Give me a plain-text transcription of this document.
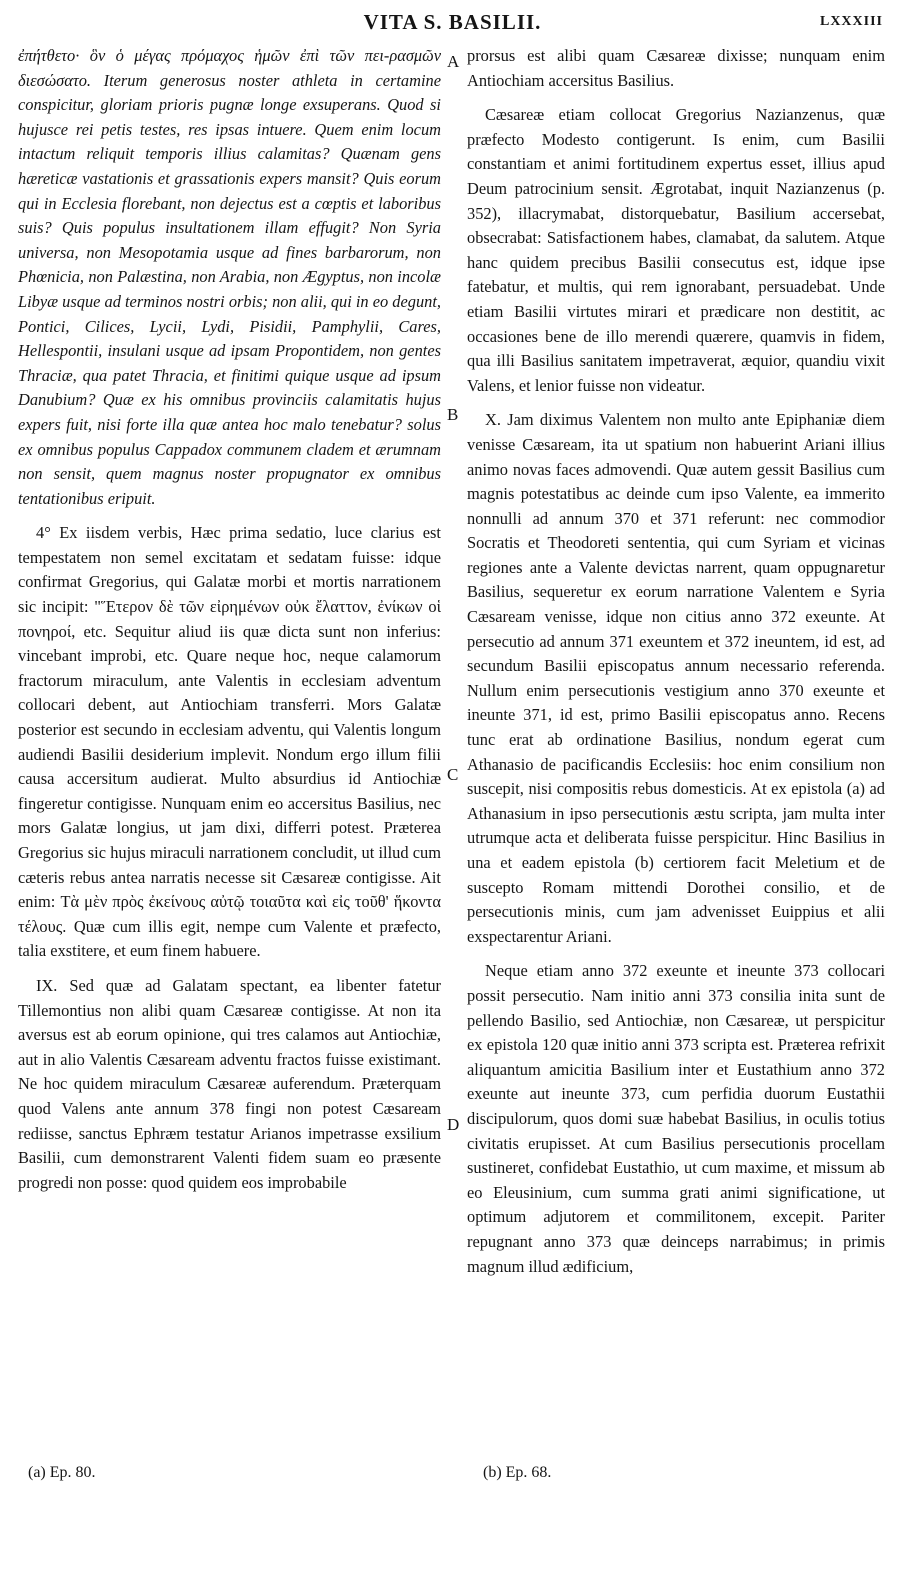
VITA S. BASILII.	LXXXIII

ἐπήτθετο· ὃν ὁ μέγας πρόμαχος ἡμῶν ἐπὶ τῶν πει-ρασμῶν διεσώσατο. Iterum generosus noster athleta in certamine conspicitur, gloriam prioris pugnæ longe exsuperans. Quod si hujusce rei petis testes, res ipsas intuere. Quem enim locum intactum reliquit temporis illius calamitas? Quænam gens hæreticæ vastationis et grassationis expers mansit? Quis eorum qui in Ecclesia florebant, non dejectus est a cœptis et laboribus suis? Quis populus insultationem illam effugit? Non Syria universa, non Mesopotamia usque ad fines barbarorum, non Phœnicia, non Palæstina, non Arabia, non Ægyptus, non incolæ Libyæ usque ad terminos nostri orbis; non alii, qui in eo degunt, Pontici, Cilices, Lycii, Lydi, Pisidii, Pamphylii, Cares, Hellespontii, insulani usque ad ipsam Propontidem, non gentes Thraciæ, qua patet Thracia, et finitimi quique usque ad ipsum Danubium? Quæ ex his omnibus provinciis calamitatis hujus expers fuit, nisi forte illa quæ antea hoc malo tenebatur? solus ex omnibus populus Cappadox communem cladem et ærumnam non sensit, quem magnus noster propugnator ex omnibus tentationibus eripuit.

4° Ex iisdem verbis, Hæc prima sedatio, luce clarius est tempestatem non semel excitatam et sedatam fuisse: idque confirmat Gregorius, qui Galatæ morbi et mortis narrationem sic incipit: "Ἕτερον δὲ τῶν εἰρημένων οὐκ ἔλαττον, ἐνίκων οἱ πονηροί, etc. Sequitur aliud iis quæ dicta sunt non inferius: vincebant improbi, etc. Quare neque hoc, neque calamorum fractorum miraculum, ante Valentis in ecclesiam adventum collocari debent, aut Antiochiam transferri. Mors Galatæ posterior est secundo in ecclesiam adventu, qui Valentis longum audiendi Basilii desiderium implevit. Nondum ergo illum filii causa accersitum audierat. Multo absurdius id Antiochiæ fingeretur contigisse. Nunquam enim eo accersitus Basilius, nec mors Galatæ longius, ut jam dixi, differri potest. Præterea Gregorius sic hujus miraculi narrationem concludit, ut illud cum cæteris rebus antea narratis necesse sit Cæsareæ contigisse. Ait enim: Τὰ μὲν πρὸς ἐκείνους αὐτῷ τοιαῦτα καὶ εἰς τοῦθ' ἥκοντα τέλους. Quæ cum illis egit, nempe cum Valente et præfecto, talia exstitere, et eum finem habuere.

IX. Sed quæ ad Galatam spectant, ea libenter fatetur Tillemontius non alibi quam Cæsareæ contigisse. At non ita aversus est ab eorum opinione, qui tres calamos aut Antiochiæ, aut in alio Valentis Cæsaream adventu fractos fuisse existimant. Ne hoc quidem miraculum Cæsareæ auferendum. Præterquam quod Valens ante annum 378 fingi non potest Cæsaream rediisse, sanctus Ephræm testatur Arianos impetrasse exsilium Basilii, cum demonstrarent Valenti fidem suam eo præsente progredi non posse: quod quidem eos improbabile

prorsus est alibi quam Cæsareæ dixisse; nunquam enim Antiochiam accersitus Basilius.

Cæsareæ etiam collocat Gregorius Nazianzenus, quæ præfecto Modesto contigerunt. Is enim, cum Basilii constantiam et animi fortitudinem expertus esset, illius apud Deum patrocinium sensit. Ægrotabat, inquit Nazianzenus (p. 352), illacrymabat, distorquebatur, Basilium accersebat, obsecrabat: Satisfactionem habes, clamabat, da salutem. Atque hanc quidem precibus Basilii consecutus est, idque ipse fatebatur, et multis, qui rem ignorabant, persuadebat. Unde etiam Basilii virtutes mirari et prædicare non destitit, ac occasiones bene de illo merendi quærere, quamvis in fidem, qua illi Basilius sanitatem impetraverat, æquior, quandiu vixit Valens, et lenior fuisse non videatur.

X. Jam diximus Valentem non multo ante Epiphaniæ diem venisse Cæsaream, ita ut spatium non habuerint Ariani illius animo novas faces admovendi. Quæ autem gessit Basilius cum magnis potestatibus ac deinde cum ipso Valente, ea immerito nonnulli ad annum 370 et 371 referunt: nec commodior Socratis et Theodoreti sententia, qui cum Syriam et vicinas regiones ante a Valente devictas narrent, quam oppugnaretur Basilius, sequeretur ex eorum narratione Valentem e Syria Cæsaream venisse, idque non citius anno 372 exeunte. At persecutio ad annum 371 exeuntem et 372 ineuntem, id est, ad secundum Basilii episcopatus annum necessario referenda. Nullum enim persecutionis vestigium anno 370 exeunte et ineunte 371, id est, primo Basilii episcopatus anno. Recens tunc erat ab ordinatione Basilius, nondum egerat cum Athanasio de pacificandis Ecclesiis: hoc enim consilium non suscepit, nisi compositis rebus domesticis. At ex epistola (a) ad Athanasium in ipso persecutionis æstu scripta, jam multa inter utrumque acta et deliberata fuisse perspicitur. Hinc Basilius in una et eadem epistola (b) certiorem facit Meletium et de suscepto Romam mittendi Dorothei consilio, et de persecutionis minis, cum jam advenisset Euippius et alii exspectarentur Ariani.

Neque etiam anno 372 exeunte et ineunte 373 collocari possit persecutio. Nam initio anni 373 consilia inita sunt de pellendo Basilio, sed Antiochiæ, non Cæsareæ, ut perspicitur ex epistola 120 quæ initio anni 373 scripta est. Præterea refrixit aliquantum amicitia Basilium inter et Eustathium anno 372 exeunte aut ineunte 373, cum perfidia duorum Eustathii discipulorum, quos domi suæ habebat Basilius, in oculis totius civitatis erupisset. At cum Basilius persecutionis procellam sustineret, confidebat Eustathio, ut cum maxime, et missum ab eo Eleusinium, cum summa grati animi significatione, ut optimum adjutorem et commilitonem, excepit. Pariter repugnant anno 373 quæ deinceps narrabimus; in primis magnum illud ædificium,

A
B
C
D
(a) Ep. 80.	(b) Ep. 68.
